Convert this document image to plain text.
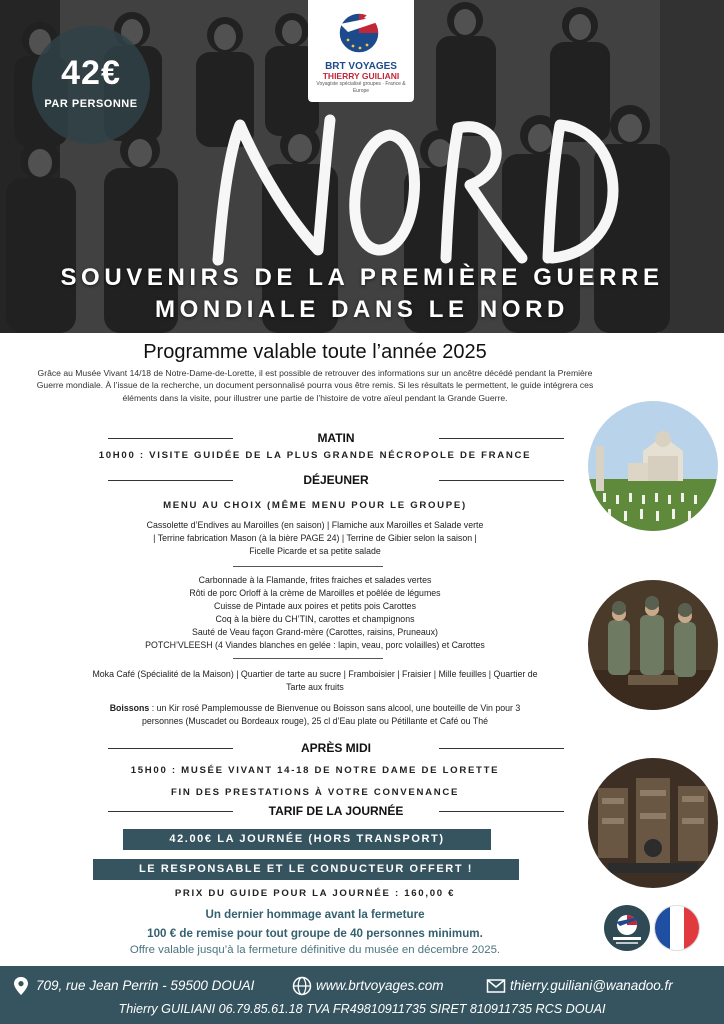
42€
PAR PERSONNE
BRT VOYAGES
THIERRY GUILIANI
Voyagiste spécialisé groupes · France & Europe
Nord
SOUVENIRS DE LA PREMIÈRE GUERRE
MONDIALE DANS LE NORD
Programme valable toute l’année 2025
Grâce au Musée Vivant 14/18 de Notre-Dame-de-Lorette, il est possible de retrouver des informations sur un ancêtre décédé pendant la Première Guerre mondiale. À l’issue de la recherche, un document personnalisé pourra vous être remis. Si les résultats le permettent, le guide intégrera ces éléments dans la visite, pour illustrer une partie de l’histoire de votre aïeul pendant la Grande Guerre.
MATIN
10H00 : VISITE GUIDÉE DE LA PLUS GRANDE NÉCROPOLE DE FRANCE
DÉJEUNER
MENU AU CHOIX (MÊME MENU POUR LE GROUPE)
Cassolette d’Endives au Maroilles (en saison) | Flamiche aux Maroilles et Salade verte
| Terrine fabrication Mason (à la bière PAGE 24) | Terrine de Gibier selon la saison |
Ficelle Picarde et sa petite salade
Carbonnade à la Flamande, frites fraiches et salades vertes
Rôti de porc Orloff à la crème de Maroilles et poêlée de légumes
Cuisse de Pintade aux poires et petits pois Carottes
Coq à la bière du CH’TIN, carottes et champignons
Sauté de Veau façon Grand-mère (Carottes, raisins, Pruneaux)
POTCH’VLEESH (4 Viandes blanches en gelée : lapin, veau, porc volailles) et Carottes
Moka Café (Spécialité de la Maison) | Quartier de tarte au sucre | Framboisier | Fraisier | Mille feuilles | Quartier de
Tarte aux fruits
Boissons : un Kir rosé Pamplemousse de Bienvenue ou Boisson sans alcool, une bouteille de Vin pour 3
personnes (Muscadet ou Bordeaux rouge), 25 cl d’Eau plate ou Pétillante et Café ou Thé
APRÈS MIDI
15H00 : MUSÉE VIVANT 14-18 DE NOTRE DAME DE LORETTE
FIN DES PRESTATIONS À VOTRE CONVENANCE
TARIF DE LA JOURNÉE
42.00€ LA JOURNÉE (HORS TRANSPORT)
LE RESPONSABLE ET LE CONDUCTEUR OFFERT !
PRIX DU GUIDE POUR LA JOURNÉE : 160,00 €
Un dernier hommage avant la fermeture
100 € de remise pour tout groupe de 40 personnes minimum.
Offre valable jusqu’à la fermeture définitive du musée en décembre 2025.
709, rue Jean Perrin - 59500 DOUAI	www.brtvoyages.com	thierry.guiliani@wanadoo.fr
Thierry GUILIANI 06.79.85.61.18 TVA FR49810911735 SIRET 810911735 RCS DOUAI
